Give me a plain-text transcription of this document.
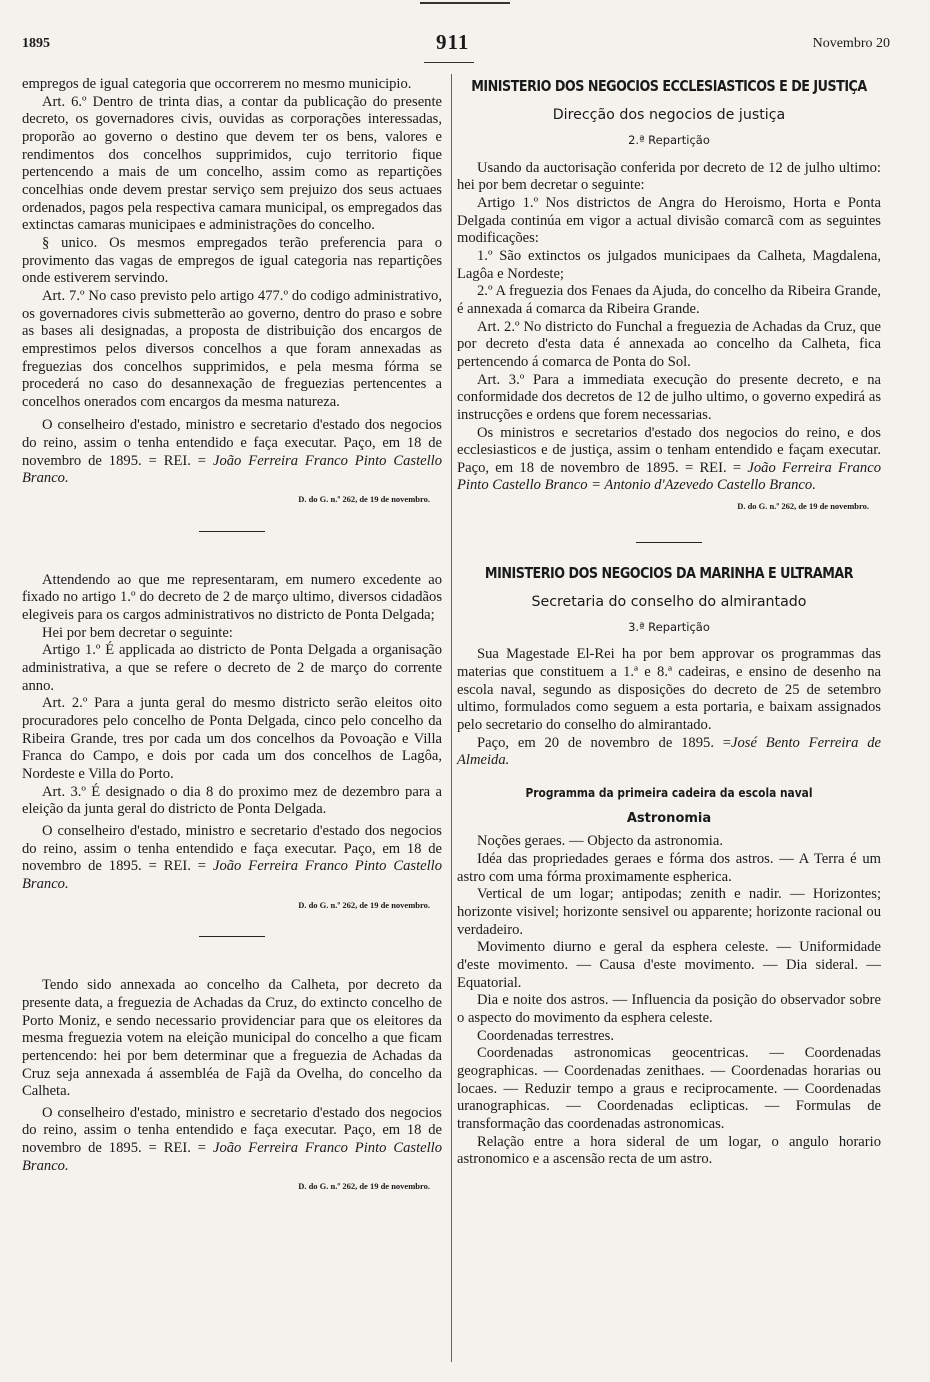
1895	911	Novembro 20

empregos de igual categoria que occorrerem no mesmo municipio.

Art. 6.º Dentro de trinta dias, a contar da publicação do presente decreto, os governadores civis, ouvidas as corporações interessadas, proporão ao governo o destino que devem ter os bens, valores e rendimentos dos concelhos supprimidos, cujo territorio fique pertencendo a mais de um concelho, assim como as repartições concelhias onde devem prestar serviço sem prejuizo dos seus actuaes ordenados, pagos pela respectiva camara municipal, os empregados das extinctas camaras municipaes e administrações do concelho.

§ unico. Os mesmos empregados terão preferencia para o provimento das vagas de empregos de igual categoria nas repartições onde estiverem servindo.

Art. 7.º No caso previsto pelo artigo 477.º do codigo administrativo, os governadores civis submetterão ao governo, dentro do praso e sobre as bases ali designadas, a proposta de distribuição dos encargos de emprestimos pelos diversos concelhos a que foram annexadas as freguezias dos concelhos supprimidos, e pela mesma fórma se procederá no caso do desannexação de freguezias pertencentes a concelhos onerados com encargos da mesma natureza.

O conselheiro d'estado, ministro e secretario d'estado dos negocios do reino, assim o tenha entendido e faça executar. Paço, em 18 de novembro de 1895. = REI. = João Ferreira Franco Pinto Castello Branco.

D. do G. n.º 262, de 19 de novembro.

Attendendo ao que me representaram, em numero excedente ao fixado no artigo 1.º do decreto de 2 de março ultimo, diversos cidadãos elegiveis para os cargos administrativos no districto de Ponta Delgada;

Hei por bem decretar o seguinte:

Artigo 1.º É applicada ao districto de Ponta Delgada a organisação administrativa, a que se refere o decreto de 2 de março do corrente anno.

Art. 2.º Para a junta geral do mesmo districto serão eleitos oito procuradores pelo concelho de Ponta Delgada, cinco pelo concelho da Ribeira Grande, tres por cada um dos concelhos da Povoação e Villa Franca do Campo, e dois por cada um dos concelhos de Lagôa, Nordeste e Villa do Porto.

Art. 3.º É designado o dia 8 do proximo mez de dezembro para a eleição da junta geral do districto de Ponta Delgada.

O conselheiro d'estado, ministro e secretario d'estado dos negocios do reino, assim o tenha entendido e faça executar. Paço, em 18 de novembro de 1895. = REI. = João Ferreira Franco Pinto Castello Branco.

D. do G. n.º 262, de 19 de novembro.

Tendo sido annexada ao concelho da Calheta, por decreto da presente data, a freguezia de Achadas da Cruz, do extincto concelho de Porto Moniz, e sendo necessario providenciar para que os eleitores da mesma freguezia votem na eleição municipal do concelho a que ficam pertencendo: hei por bem determinar que a freguezia de Achadas da Cruz seja annexada á assembléa de Fajã da Ovelha, do concelho da Calheta.

O conselheiro d'estado, ministro e secretario d'estado dos negocios do reino, assim o tenha entendido e faça executar. Paço, em 18 de novembro de 1895. = REI. = João Ferreira Franco Pinto Castello Branco.

D. do G. n.º 262, de 19 de novembro.

MINISTERIO DOS NEGOCIOS ECCLESIASTICOS E DE JUSTIÇA
Direcção dos negocios de justiça
2.ª Repartição

Usando da auctorisação conferida por decreto de 12 de julho ultimo: hei por bem decretar o seguinte:

Artigo 1.º Nos districtos de Angra do Heroismo, Horta e Ponta Delgada continúa em vigor a actual divisão comarcã com as seguintes modificações:

1.º São extinctos os julgados municipaes da Calheta, Magdalena, Lagôa e Nordeste;

2.º A freguezia dos Fenaes da Ajuda, do concelho da Ribeira Grande, é annexada á comarca da Ribeira Grande.

Art. 2.º No districto do Funchal a freguezia de Achadas da Cruz, que por decreto d'esta data é annexada ao concelho da Calheta, fica pertencendo á comarca de Ponta do Sol.

Art. 3.º Para a immediata execução do presente decreto, e na conformidade dos decretos de 12 de julho ultimo, o governo expedirá as instrucções e ordens que forem necessarias.

Os ministros e secretarios d'estado dos negocios do reino, e dos ecclesiasticos e de justiça, assim o tenham entendido e façam executar. Paço, em 18 de novembro de 1895. = REI. = João Ferreira Franco Pinto Castello Branco = Antonio d'Azevedo Castello Branco.

D. do G. n.º 262, de 19 de novembro.

MINISTERIO DOS NEGOCIOS DA MARINHA E ULTRAMAR
Secretaria do conselho do almirantado
3.ª Repartição

Sua Magestade El-Rei ha por bem approvar os programmas das materias que constituem a 1.ª e 8.ª cadeiras, e ensino de desenho na escola naval, segundo as disposições do decreto de 25 de setembro ultimo, formulados como seguem a esta portaria, e baixam assignados pelo secretario do conselho do almirantado.

Paço, em 20 de novembro de 1895. =José Bento Ferreira de Almeida.

Programma da primeira cadeira da escola naval
Astronomia

Noções geraes. — Objecto da astronomia.

Idéa das propriedades geraes e fórma dos astros. — A Terra é um astro com uma fórma proximamente espherica.

Vertical de um logar; antipodas; zenith e nadir. — Horizontes; horizonte visivel; horizonte sensivel ou apparente; horizonte racional ou verdadeiro.

Movimento diurno e geral da esphera celeste. — Uniformidade d'este movimento. — Causa d'este movimento. — Dia sideral. — Equatorial.

Dia e noite dos astros. — Influencia da posição do observador sobre o aspecto do movimento da esphera celeste.

Coordenadas terrestres.

Coordenadas astronomicas geocentricas. — Coordenadas geographicas. — Coordenadas zenithaes. — Coordenadas horarias ou locaes. — Reduzir tempo a graus e reciprocamente. — Coordenadas uranographicas. — Coordenadas eclipticas. — Formulas de transformação das coordenadas astronomicas.

Relação entre a hora sideral de um logar, o angulo horario astronomico e a ascensão recta de um astro.
